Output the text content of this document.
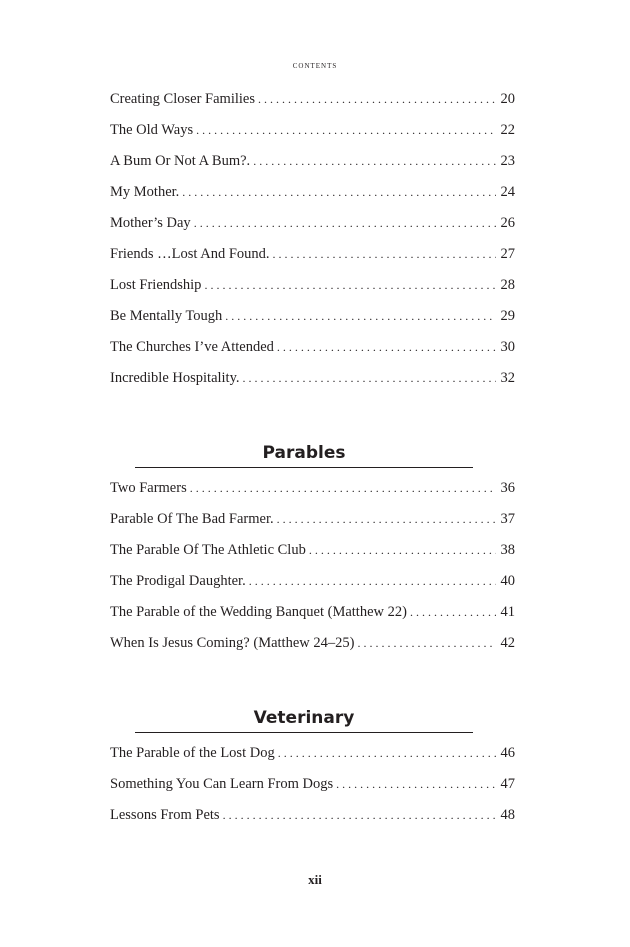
contents
Creating Closer Families . . .	20
The Old Ways . . .	22
A Bum Or Not A Bum?. . . .	23
My Mother. . . .	24
Mother’s Day . . .	26
Friends …Lost And Found. . . .	27
Lost Friendship . . .	28
Be Mentally Tough . . .	29
The Churches I’ve Attended . . .	30
Incredible Hospitality. . . .	32
Parables
Two Farmers . . .	36
Parable Of The Bad Farmer. . . .	37
The Parable Of The Athletic Club . . .	38
The Prodigal Daughter. . . .	40
The Parable of the Wedding Banquet (Matthew 22) . . .	41
When Is Jesus Coming? (Matthew 24–25) . . .	42
Veterinary
The Parable of the Lost Dog . . .	46
Something You Can Learn From Dogs . . .	47
Lessons From Pets . . .	48
xii
